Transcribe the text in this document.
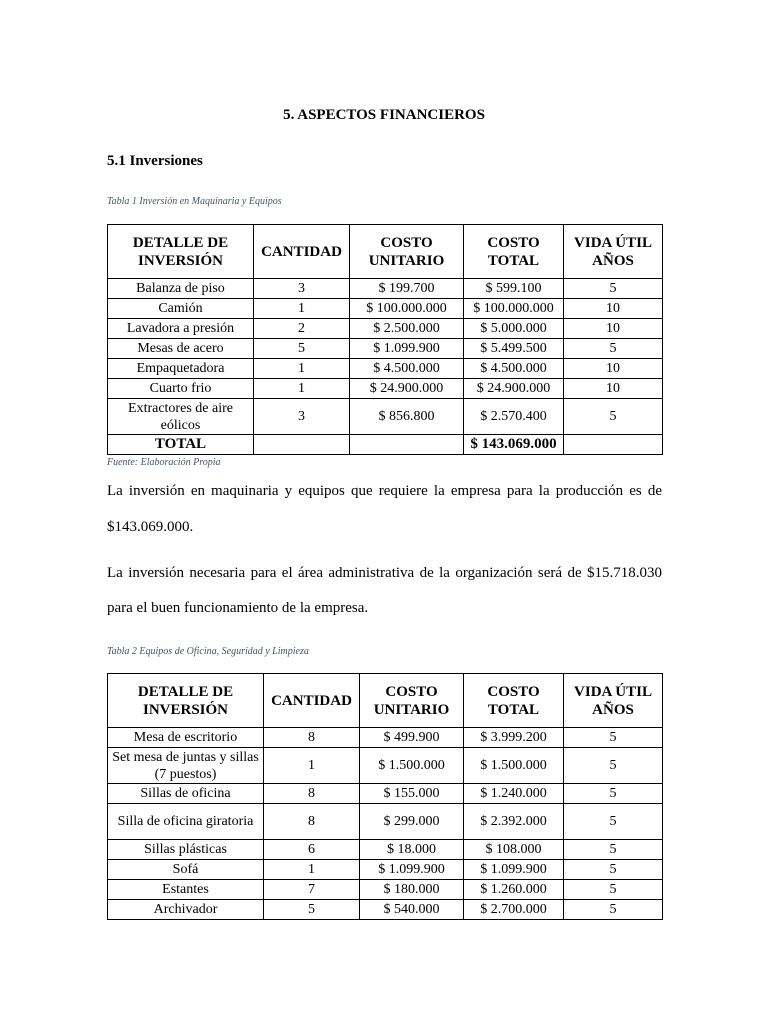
5. ASPECTOS FINANCIEROS
5.1 Inversiones
Tabla 1 Inversión en Maquinaria y Equipos
DETALLE DE INVERSIÓN	CANTIDAD	COSTO UNITARIO	COSTO TOTAL	VIDA ÚTIL AÑOS
Balanza de piso	3	$ 199.700	$ 599.100	5
Camión	1	$ 100.000.000	$ 100.000.000	10
Lavadora a presión	2	$ 2.500.000	$ 5.000.000	10
Mesas de acero	5	$ 1.099.900	$ 5.499.500	5
Empaquetadora	1	$ 4.500.000	$ 4.500.000	10
Cuarto frio	1	$ 24.900.000	$ 24.900.000	10
Extractores de aire eólicos	3	$ 856.800	$ 2.570.400	5
TOTAL			$ 143.069.000	
Fuente: Elaboración Propia
La inversión en maquinaria y equipos que requiere la empresa para la producción es de
$143.069.000.
La inversión necesaria para el área administrativa de la organización será de $15.718.030
para el buen funcionamiento de la empresa.
Tabla 2 Equipos de Oficina, Seguridad y Limpieza
DETALLE DE INVERSIÓN	CANTIDAD	COSTO UNITARIO	COSTO TOTAL	VIDA ÚTIL AÑOS
Mesa de escritorio	8	$ 499.900	$ 3.999.200	5
Set mesa de juntas y sillas (7 puestos)	1	$ 1.500.000	$ 1.500.000	5
Sillas de oficina	8	$ 155.000	$ 1.240.000	5
Silla de oficina giratoria	8	$ 299.000	$ 2.392.000	5
Sillas plásticas	6	$ 18.000	$ 108.000	5
Sofá	1	$ 1.099.900	$ 1.099.900	5
Estantes	7	$ 180.000	$ 1.260.000	5
Archivador	5	$ 540.000	$ 2.700.000	5
